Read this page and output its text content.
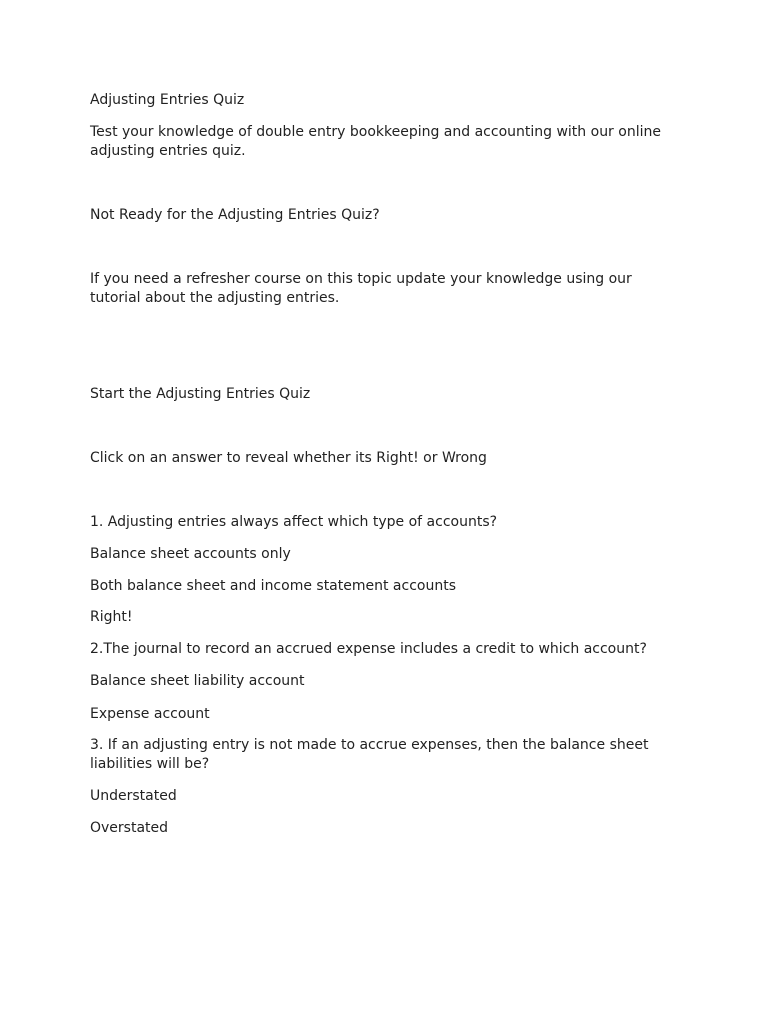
Adjusting Entries Quiz

Test your knowledge of double entry bookkeeping and accounting with our online adjusting entries quiz.

Not Ready for the Adjusting Entries Quiz?

If you need a refresher course on this topic update your knowledge using our tutorial about the adjusting entries.

Start the Adjusting Entries Quiz

Click on an answer to reveal whether its Right! or Wrong

1. Adjusting entries always affect which type of accounts?

Balance sheet accounts only

Both balance sheet and income statement accounts

Right!

2.The journal to record an accrued expense includes a credit to which account?

Balance sheet liability account

Expense account

3. If an adjusting entry is not made to accrue expenses, then the balance sheet liabilities will be?

Understated

Overstated
